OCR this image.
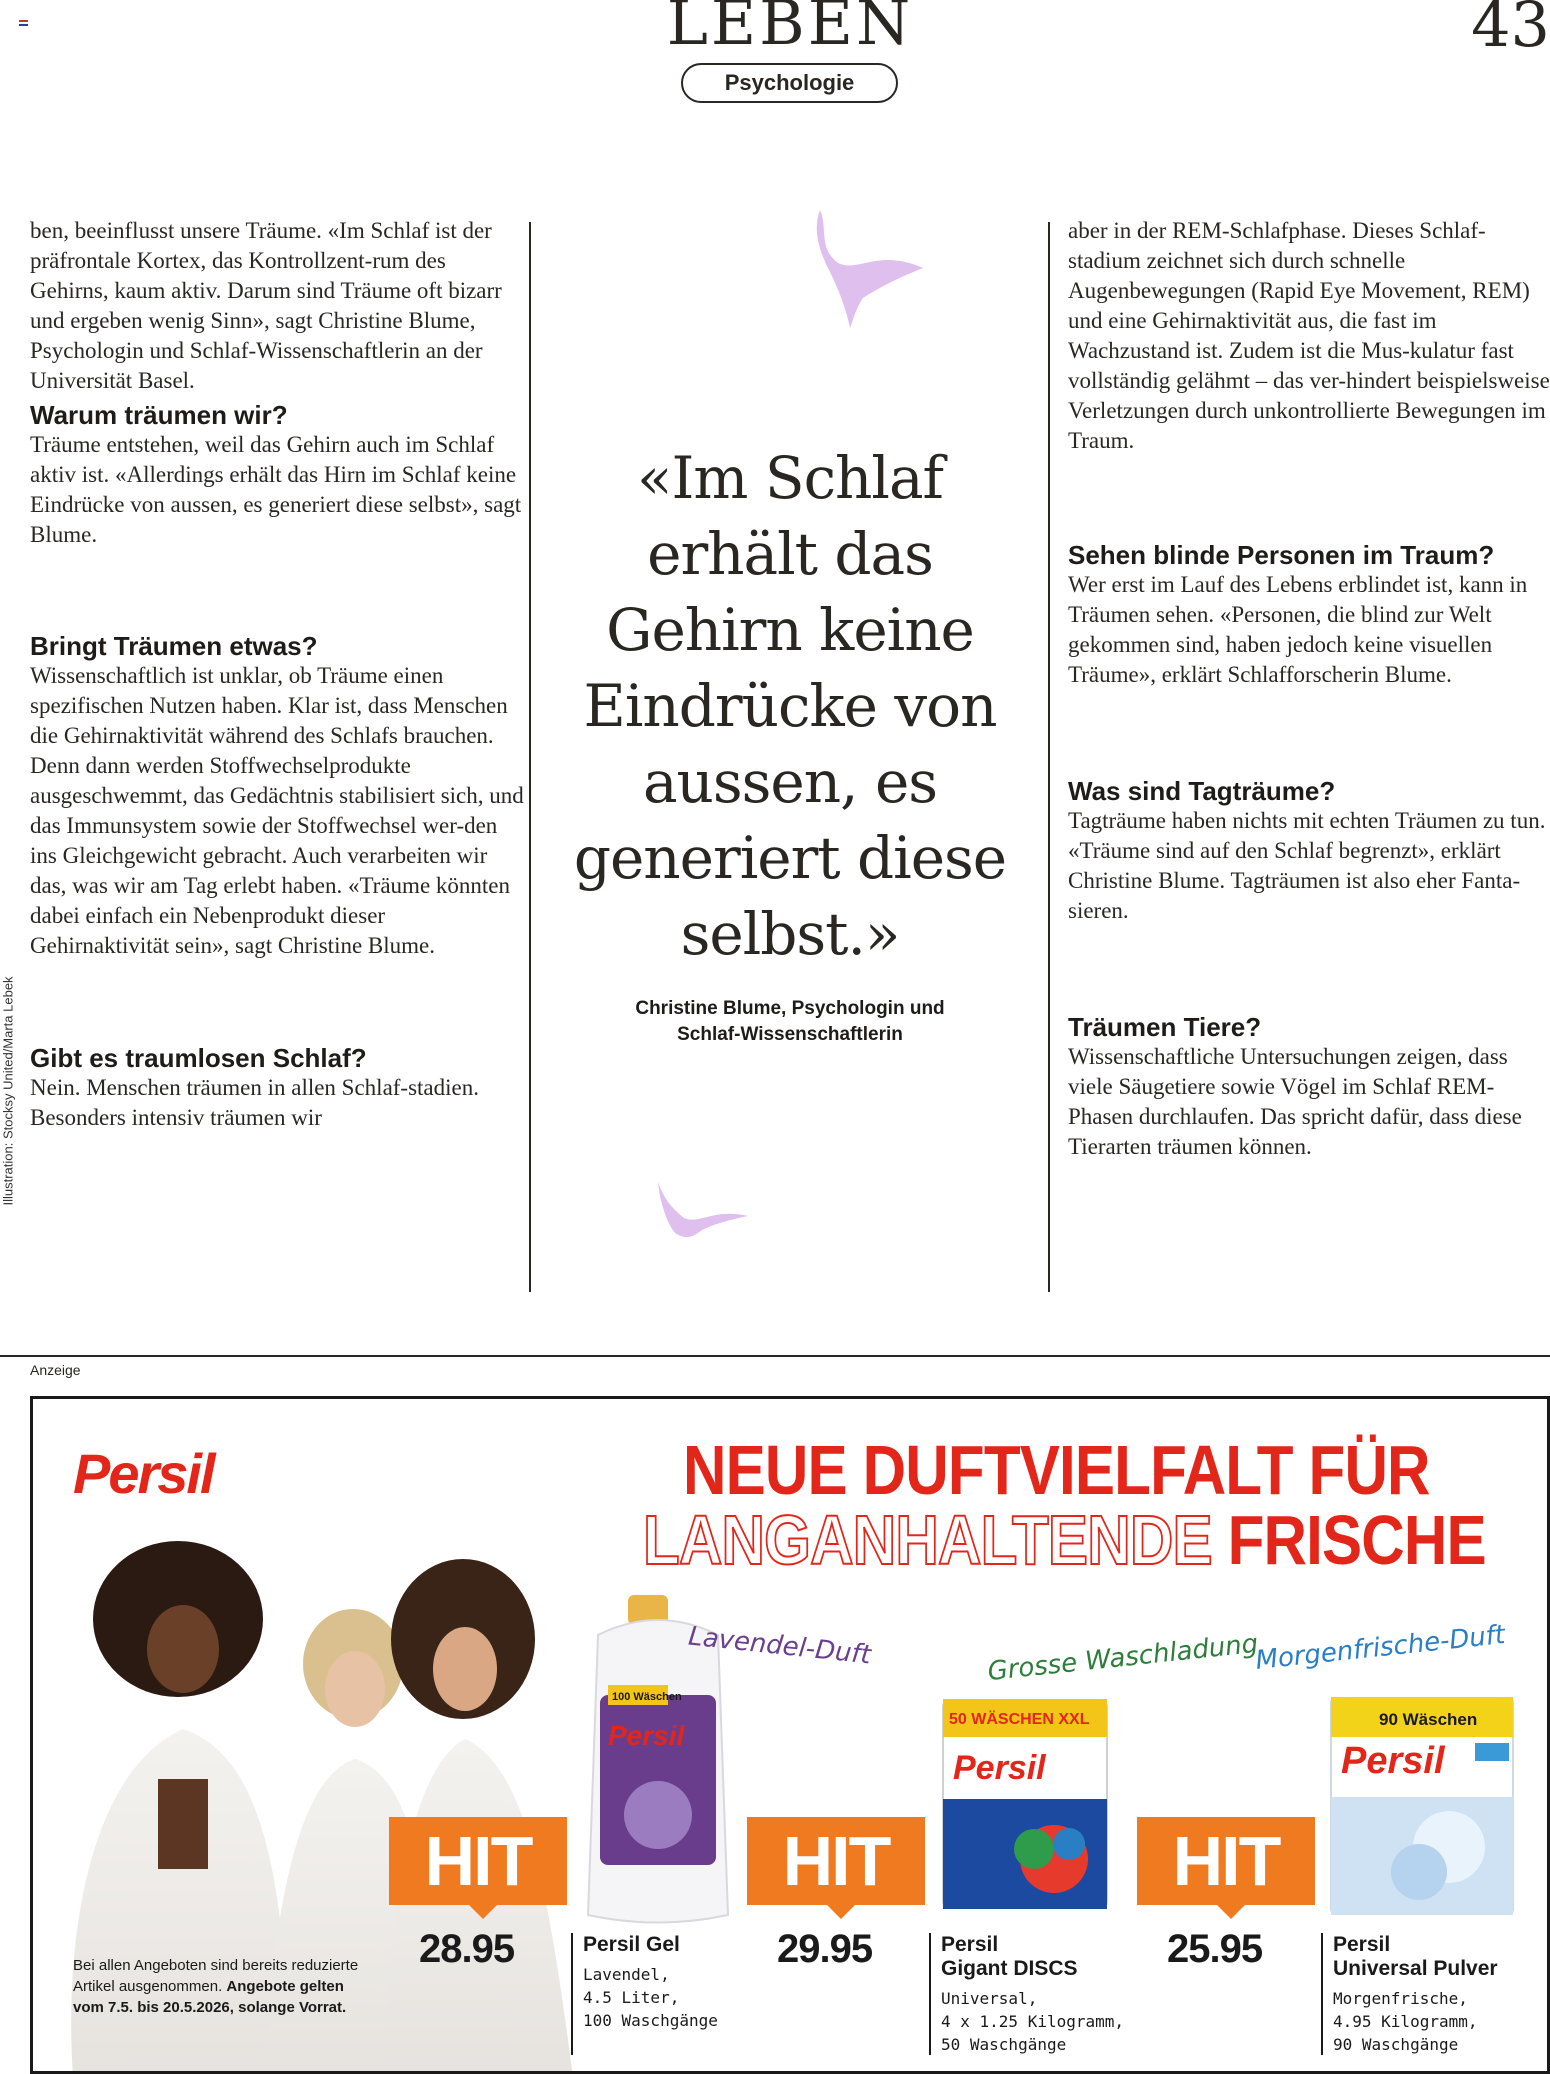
LEBEN	43
Psychologie

ben, beeinflusst unsere Träume. «Im Schlaf ist der präfrontale Kortex, das Kontrollzent-rum des Gehirns, kaum aktiv. Darum sind Träume oft bizarr und ergeben wenig Sinn», sagt Christine Blume, Psychologin und Schlaf-Wissenschaftlerin an der Universität Basel.

Warum träumen wir?

Träume entstehen, weil das Gehirn auch im Schlaf aktiv ist. «Allerdings erhält das Hirn im Schlaf keine Eindrücke von aussen, es generiert diese selbst», sagt Blume.

Bringt Träumen etwas?

Wissenschaftlich ist unklar, ob Träume einen spezifischen Nutzen haben. Klar ist, dass Menschen die Gehirnaktivität während des Schlafs brauchen. Denn dann werden Stoffwechselprodukte ausgeschwemmt, das Gedächtnis stabilisiert sich, und das Immunsystem sowie der Stoffwechsel wer-den ins Gleichgewicht gebracht. Auch verarbeiten wir das, was wir am Tag erlebt haben. «Träume könnten dabei einfach ein Nebenprodukt dieser Gehirnaktivität sein», sagt Christine Blume.

Gibt es traumlosen Schlaf?

Nein. Menschen träumen in allen Schlaf-stadien. Besonders intensiv träumen wir

Illustration: Stocksy United/Marta Lebek
«Im Schlaf erhält das Gehirn keine Eindrücke von aussen, es generiert diese selbst.»
Christine Blume, Psychologin und
Schlaf-Wissenschaftlerin

aber in der REM-Schlafphase. Dieses Schlaf-stadium zeichnet sich durch schnelle Augenbewegungen (Rapid Eye Movement, REM) und eine Gehirnaktivität aus, die fast im Wachzustand ist. Zudem ist die Mus-kulatur fast vollständig gelähmt – das ver-hindert beispielsweise Verletzungen durch unkontrollierte Bewegungen im Traum.

Sehen blinde Personen im Traum?

Wer erst im Lauf des Lebens erblindet ist, kann in Träumen sehen. «Personen, die blind zur Welt gekommen sind, haben jedoch keine visuellen Träume», erklärt Schlafforscherin Blume.

Was sind Tagträume?

Tagträume haben nichts mit echten Träumen zu tun. «Träume sind auf den Schlaf begrenzt», erklärt Christine Blume. Tagträumen ist also eher Fanta-sieren.

Träumen Tiere?

Wissenschaftliche Untersuchungen zeigen, dass viele Säugetiere sowie Vögel im Schlaf REM-Phasen durchlaufen. Das spricht dafür, dass diese Tierarten träumen können.

Anzeige
Persil	NEUE DUFTVIELFALT FÜR
LANGANHALTENDE FRISCHE
100 Wäschen
Persil
Lavendel-Duft
50 WÄSCHEN XXL
Persil
Grosse Waschladung
90 Wäschen
Persil
Morgenfrische-Duft
HIT	HIT	HIT
28.95	29.95	25.95
Persil Gel
Lavendel,
4.5 Liter,
100 Waschgänge
Persil
Gigant DISCS
Universal,
4 x 1.25 Kilogramm,
50 Waschgänge
Persil
Universal Pulver
Morgenfrische,
4.95 Kilogramm,
90 Waschgänge
Bei allen Angeboten sind bereits reduzierte Artikel ausgenommen. Angebote gelten vom 7.5. bis 20.5.2026, solange Vorrat.
